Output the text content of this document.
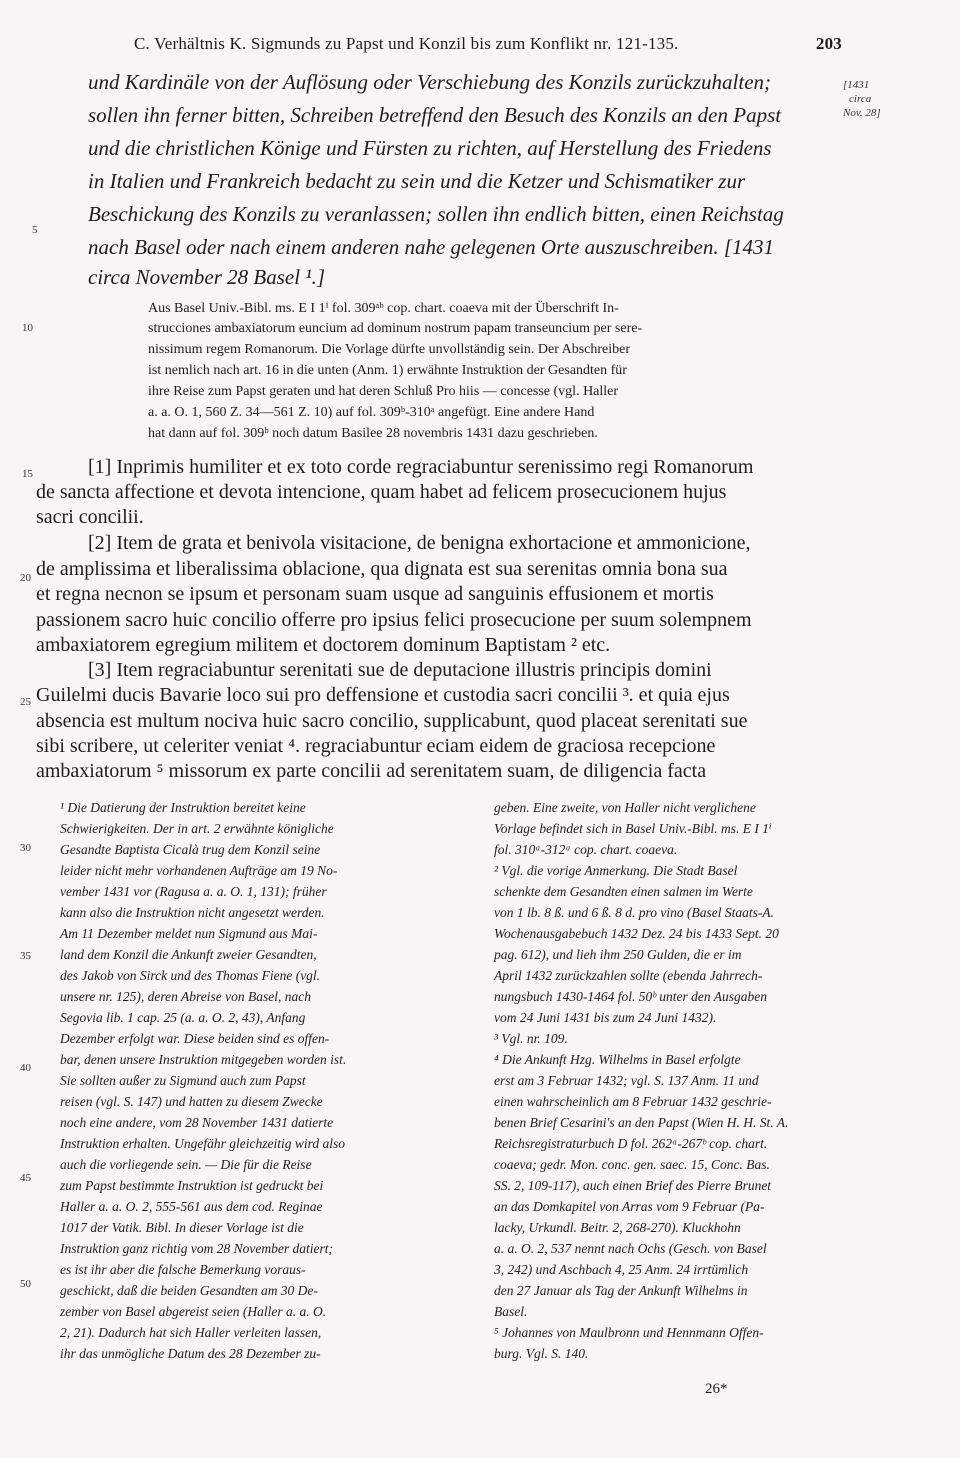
C. Verhältnis K. Sigmunds zu Papst und Konzil bis zum Konflikt nr. 121-135.	203
[1431
circa
Nov. 28]
5
10
15
20
25
30
35
40
45
50
und Kardinäle von der Auflösung oder Verschiebung des Konzils zurückzuhalten;
sollen ihn ferner bitten, Schreiben betreffend den Besuch des Konzils an den Papst
und die christlichen Könige und Fürsten zu richten, auf Herstellung des Friedens
in Italien und Frankreich bedacht zu sein und die Ketzer und Schismatiker zur
Beschickung des Konzils zu veranlassen; sollen ihn endlich bitten, einen Reichstag
nach Basel oder nach einem anderen nahe gelegenen Orte auszuschreiben. [1431
circa November 28 Basel ¹.]
Aus Basel Univ.-Bibl. ms. E I 1ⁱ fol. 309ᵃᵇ cop. chart. coaeva mit der Überschrift In-
strucciones ambaxiatorum euncium ad dominum nostrum papam transeuncium per sere-
nissimum regem Romanorum. Die Vorlage dürfte unvollständig sein. Der Abschreiber
ist nemlich nach art. 16 in die unten (Anm. 1) erwähnte Instruktion der Gesandten für
ihre Reise zum Papst geraten und hat deren Schluß Pro hiis — concesse (vgl. Haller
a. a. O. 1, 560 Z. 34—561 Z. 10) auf fol. 309ᵇ-310ᵃ angefügt. Eine andere Hand
hat dann auf fol. 309ᵇ noch datum Basilee 28 novembris 1431 dazu geschrieben.
[1] Inprimis humiliter et ex toto corde regraciabuntur serenissimo regi Romanorum
de sancta affectione et devota intencione, quam habet ad felicem prosecucionem hujus
sacri concilii.
[2] Item de grata et benivola visitacione, de benigna exhortacione et ammonicione,
de amplissima et liberalissima oblacione, qua dignata est sua serenitas omnia bona sua
et regna necnon se ipsum et personam suam usque ad sanguinis effusionem et mortis
passionem sacro huic concilio offerre pro ipsius felici prosecucione per suum solempnem
ambaxiatorem egregium militem et doctorem dominum Baptistam ² etc.
[3] Item regraciabuntur serenitati sue de deputacione illustris principis domini
Guilelmi ducis Bavarie loco sui pro deffensione et custodia sacri concilii ³. et quia ejus
absencia est multum nociva huic sacro concilio, supplicabunt, quod placeat serenitati sue
sibi scribere, ut celeriter veniat ⁴. regraciabuntur eciam eidem de graciosa recepcione
ambaxiatorum ⁵ missorum ex parte concilii ad serenitatem suam, de diligencia facta
¹ Die Datierung der Instruktion bereitet keine
Schwierigkeiten. Der in art. 2 erwähnte königliche
Gesandte Baptista Cicalà trug dem Konzil seine
leider nicht mehr vorhandenen Aufträge am 19 No-
vember 1431 vor (Ragusa a. a. O. 1, 131); früher
kann also die Instruktion nicht angesetzt werden.
Am 11 Dezember meldet nun Sigmund aus Mai-
land dem Konzil die Ankunft zweier Gesandten,
des Jakob von Sirck und des Thomas Fiene (vgl.
unsere nr. 125), deren Abreise von Basel, nach
Segovia lib. 1 cap. 25 (a. a. O. 2, 43), Anfang
Dezember erfolgt war. Diese beiden sind es offen-
bar, denen unsere Instruktion mitgegeben worden ist.
Sie sollten außer zu Sigmund auch zum Papst
reisen (vgl. S. 147) und hatten zu diesem Zwecke
noch eine andere, vom 28 November 1431 datierte
Instruktion erhalten. Ungefähr gleichzeitig wird also
auch die vorliegende sein. — Die für die Reise
zum Papst bestimmte Instruktion ist gedruckt bei
Haller a. a. O. 2, 555-561 aus dem cod. Reginae
1017 der Vatik. Bibl. In dieser Vorlage ist die
Instruktion ganz richtig vom 28 November datiert;
es ist ihr aber die falsche Bemerkung voraus-
geschickt, daß die beiden Gesandten am 30 De-
zember von Basel abgereist seien (Haller a. a. O.
2, 21). Dadurch hat sich Haller verleiten lassen,
ihr das unmögliche Datum des 28 Dezember zu-
geben. Eine zweite, von Haller nicht verglichene
Vorlage befindet sich in Basel Univ.-Bibl. ms. E I 1ⁱ
fol. 310ᵃ-312ᵃ cop. chart. coaeva.
² Vgl. die vorige Anmerkung. Die Stadt Basel
schenkte dem Gesandten einen salmen im Werte
von 1 lb. 8 ß. und 6 ß. 8 d. pro vino (Basel Staats-A.
Wochenausgabebuch 1432 Dez. 24 bis 1433 Sept. 20
pag. 612), und lieh ihm 250 Gulden, die er im
April 1432 zurückzahlen sollte (ebenda Jahrrech-
nungsbuch 1430-1464 fol. 50ᵇ unter den Ausgaben
vom 24 Juni 1431 bis zum 24 Juni 1432).
³ Vgl. nr. 109.
⁴ Die Ankunft Hzg. Wilhelms in Basel erfolgte
erst am 3 Februar 1432; vgl. S. 137 Anm. 11 und
einen wahrscheinlich am 8 Februar 1432 geschrie-
benen Brief Cesarini's an den Papst (Wien H. H. St. A.
Reichsregistraturbuch D fol. 262ᵃ-267ᵇ cop. chart.
coaeva; gedr. Mon. conc. gen. saec. 15, Conc. Bas.
SS. 2, 109-117), auch einen Brief des Pierre Brunet
an das Domkapitel von Arras vom 9 Februar (Pa-
lacky, Urkundl. Beitr. 2, 268-270). Kluckhohn
a. a. O. 2, 537 nennt nach Ochs (Gesch. von Basel
3, 242) und Aschbach 4, 25 Anm. 24 irrtümlich
den 27 Januar als Tag der Ankunft Wilhelms in
Basel.
⁵ Johannes von Maulbronn und Hennmann Offen-
burg. Vgl. S. 140.
26*
